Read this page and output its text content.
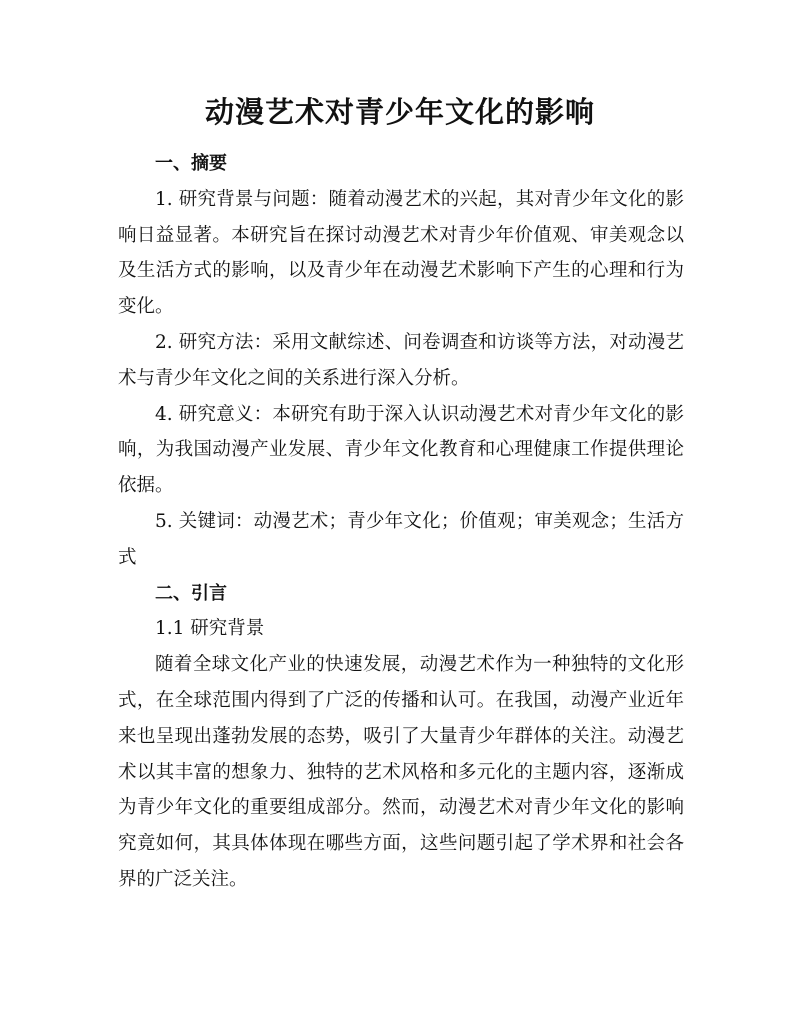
动漫艺术对青少年文化的影响

一、摘要

1. 研究背景与问题：随着动漫艺术的兴起，其对青少年文化的影响日益显著。本研究旨在探讨动漫艺术对青少年价值观、审美观念以及生活方式的影响，以及青少年在动漫艺术影响下产生的心理和行为变化。

2. 研究方法：采用文献综述、问卷调查和访谈等方法，对动漫艺术与青少年文化之间的关系进行深入分析。

4. 研究意义：本研究有助于深入认识动漫艺术对青少年文化的影响，为我国动漫产业发展、青少年文化教育和心理健康工作提供理论依据。

5. 关键词：动漫艺术；青少年文化；价值观；审美观念；生活方式

二、引言

1.1 研究背景

随着全球文化产业的快速发展，动漫艺术作为一种独特的文化形式，在全球范围内得到了广泛的传播和认可。在我国，动漫产业近年来也呈现出蓬勃发展的态势，吸引了大量青少年群体的关注。动漫艺术以其丰富的想象力、独特的艺术风格和多元化的主题内容，逐渐成为青少年文化的重要组成部分。然而，动漫艺术对青少年文化的影响究竟如何，其具体体现在哪些方面，这些问题引起了学术界和社会各界的广泛关注。
